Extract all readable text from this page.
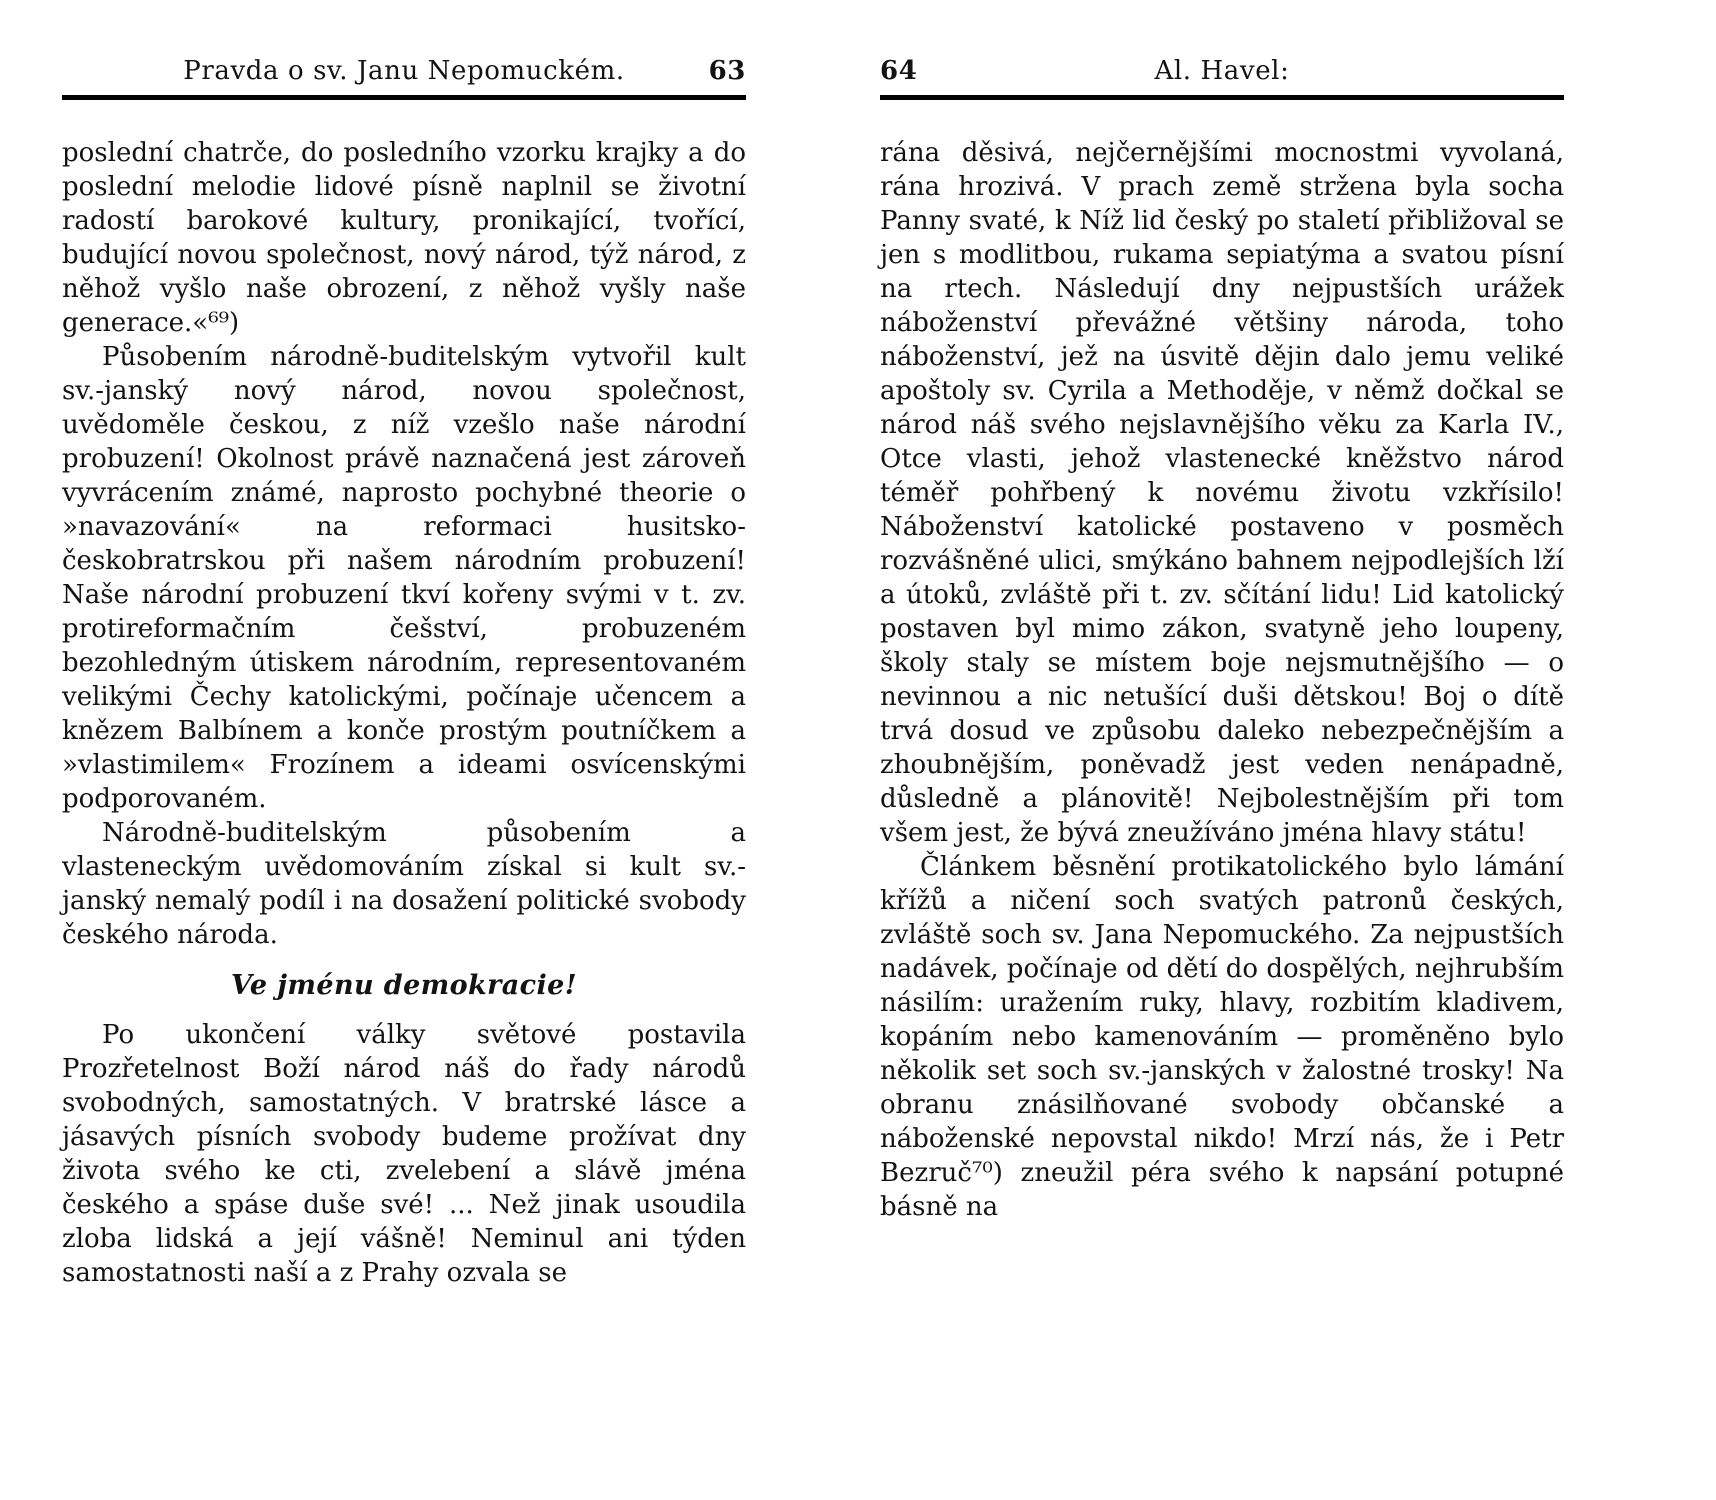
Pravda o sv. Janu Nepomuckém.	63

poslední chatrče, do posledního vzorku krajky a do poslední melodie lidové písně naplnil se životní radostí barokové kultury, pronikající, tvořící, budující novou společnost, nový národ, týž národ, z něhož vyšlo naše obrození, z něhož vyšly naše generace.«⁶⁹)

Působením národně-buditelským vytvořil kult sv.-janský nový národ, novou společnost, uvědoměle českou, z níž vzešlo naše národní probuzení! Okolnost právě naznačená jest zároveň vyvrácením známé, naprosto pochybné theorie o »navazování« na reformaci husitsko-českobratrskou při našem národním probuzení! Naše národní probuzení tkví kořeny svými v t. zv. protireformačním češství, probuzeném bezohledným útiskem národním, representovaném velikými Čechy katolickými, počínaje učencem a knězem Balbínem a konče prostým poutníčkem a »vlastimilem« Frozínem a ideami osvícenskými podporovaném.

Národně-buditelským působením a vlasteneckým uvědomováním získal si kult sv.-janský nemalý podíl i na dosažení politické svobody českého národa.

Ve jménu demokracie!

Po ukončení války světové postavila Prozřetelnost Boží národ náš do řady národů svobodných, samostatných. V bratrské lásce a jásavých písních svobody budeme prožívat dny života svého ke cti, zvelebení a slávě jména českého a spáse duše své! ... Než jinak usoudila zloba lidská a její vášně! Neminul ani týden samostatnosti naší a z Prahy ozvala se

64	Al. Havel:

rána děsivá, nejčernějšími mocnostmi vyvolaná, rána hrozivá. V prach země stržena byla socha Panny svaté, k Níž lid český po staletí přibližoval se jen s modlitbou, rukama sepiatýma a svatou písní na rtech. Následují dny nejpustších urážek náboženství převážné většiny národa, toho náboženství, jež na úsvitě dějin dalo jemu veliké apoštoly sv. Cyrila a Methoděje, v němž dočkal se národ náš svého nejslavnějšího věku za Karla IV., Otce vlasti, jehož vlastenecké kněžstvo národ téměř pohřbený k novému životu vzkřísilo! Náboženství katolické postaveno v posměch rozvášněné ulici, smýkáno bahnem nejpodlejších lží a útoků, zvláště při t. zv. sčítání lidu! Lid katolický postaven byl mimo zákon, svatyně jeho loupeny, školy staly se místem boje nejsmutnějšího — o nevinnou a nic netušící duši dětskou! Boj o dítě trvá dosud ve způsobu daleko nebezpečnějším a zhoubnějším, poněvadž jest veden nenápadně, důsledně a plánovitě! Nejbolestnějším při tom všem jest, že bývá zneužíváno jména hlavy státu!

Článkem běsnění protikatolického bylo lámání křížů a ničení soch svatých patronů českých, zvláště soch sv. Jana Nepomuckého. Za nejpustších nadávek, počínaje od dětí do dospělých, nejhrubším násilím: uražením ruky, hlavy, rozbitím kladivem, kopáním nebo kamenováním — proměněno bylo několik set soch sv.-janských v žalostné trosky! Na obranu znásilňované svobody občanské a náboženské nepovstal nikdo! Mrzí nás, že i Petr Bezruč⁷⁰) zneužil péra svého k napsání potupné básně na
